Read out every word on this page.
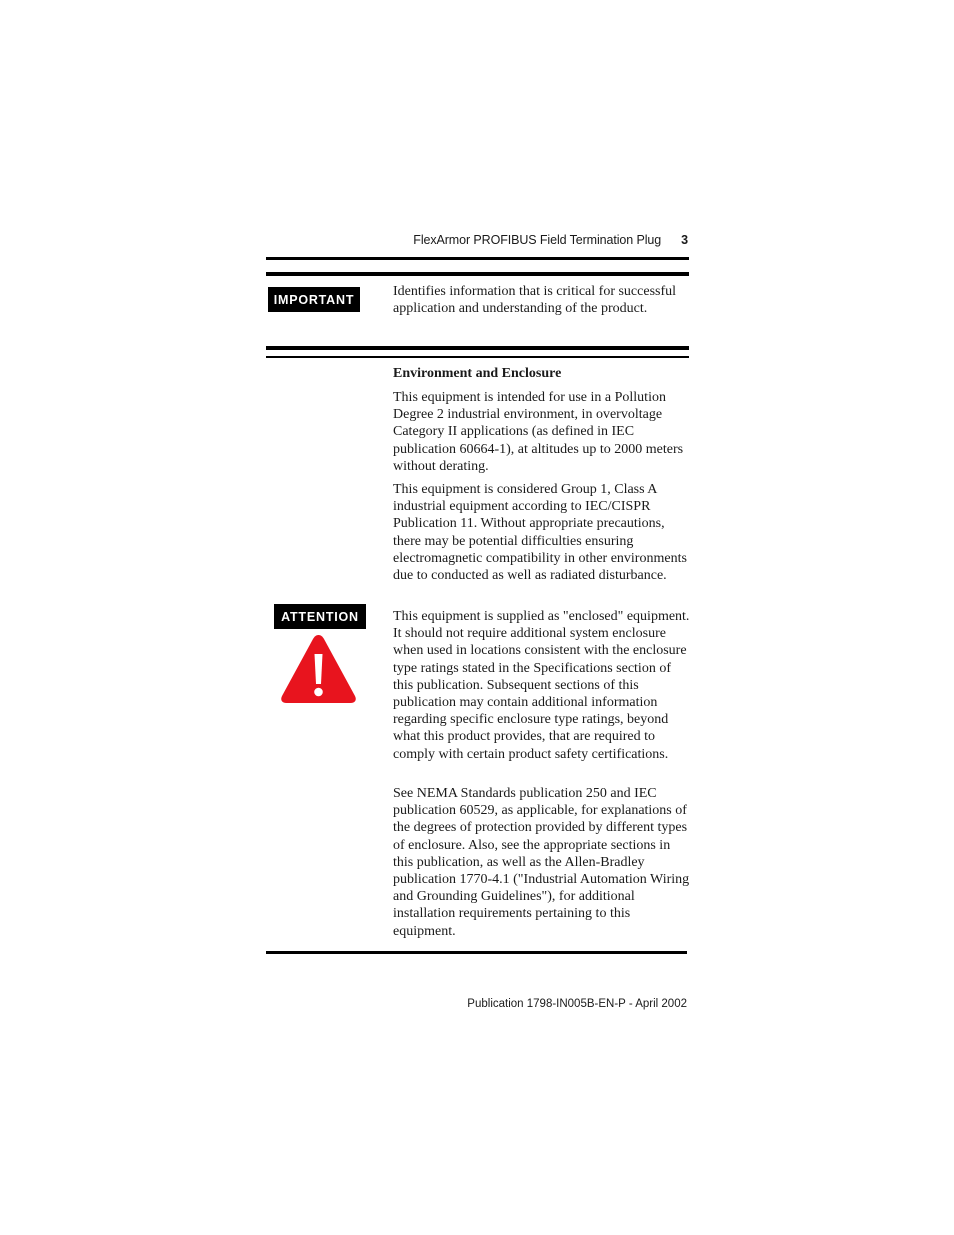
FlexArmor PROFIBUS Field Termination Plug 3
IMPORTANT

Identifies information that is critical for successful application and understanding of the product.

Environment and Enclosure

This equipment is intended for use in a Pollution Degree 2 industrial environment, in overvoltage Category II applications (as defined in IEC publication 60664-1), at altitudes up to 2000 meters without derating.

This equipment is considered Group 1, Class A industrial equipment according to IEC/CISPR Publication 11. Without appropriate precautions, there may be potential difficulties ensuring electromagnetic compatibility in other environments due to conducted as well as radiated disturbance.

ATTENTION	This equipment is supplied as "enclosed" equipment. It should not require additional system enclosure when used in locations consistent with the enclosure type ratings stated in the Specifications section of this publication. Subsequent sections of this publication may contain additional information regarding specific enclosure type ratings, beyond what this product provides, that are required to comply with certain product safety certifications.

See NEMA Standards publication 250 and IEC publication 60529, as applicable, for explanations of the degrees of protection provided by different types of enclosure. Also, see the appropriate sections in this publication, as well as the Allen-Bradley publication 1770-4.1 ("Industrial Automation Wiring and Grounding Guidelines"), for additional installation requirements pertaining to this equipment.

Publication 1798-IN005B-EN-P - April 2002
